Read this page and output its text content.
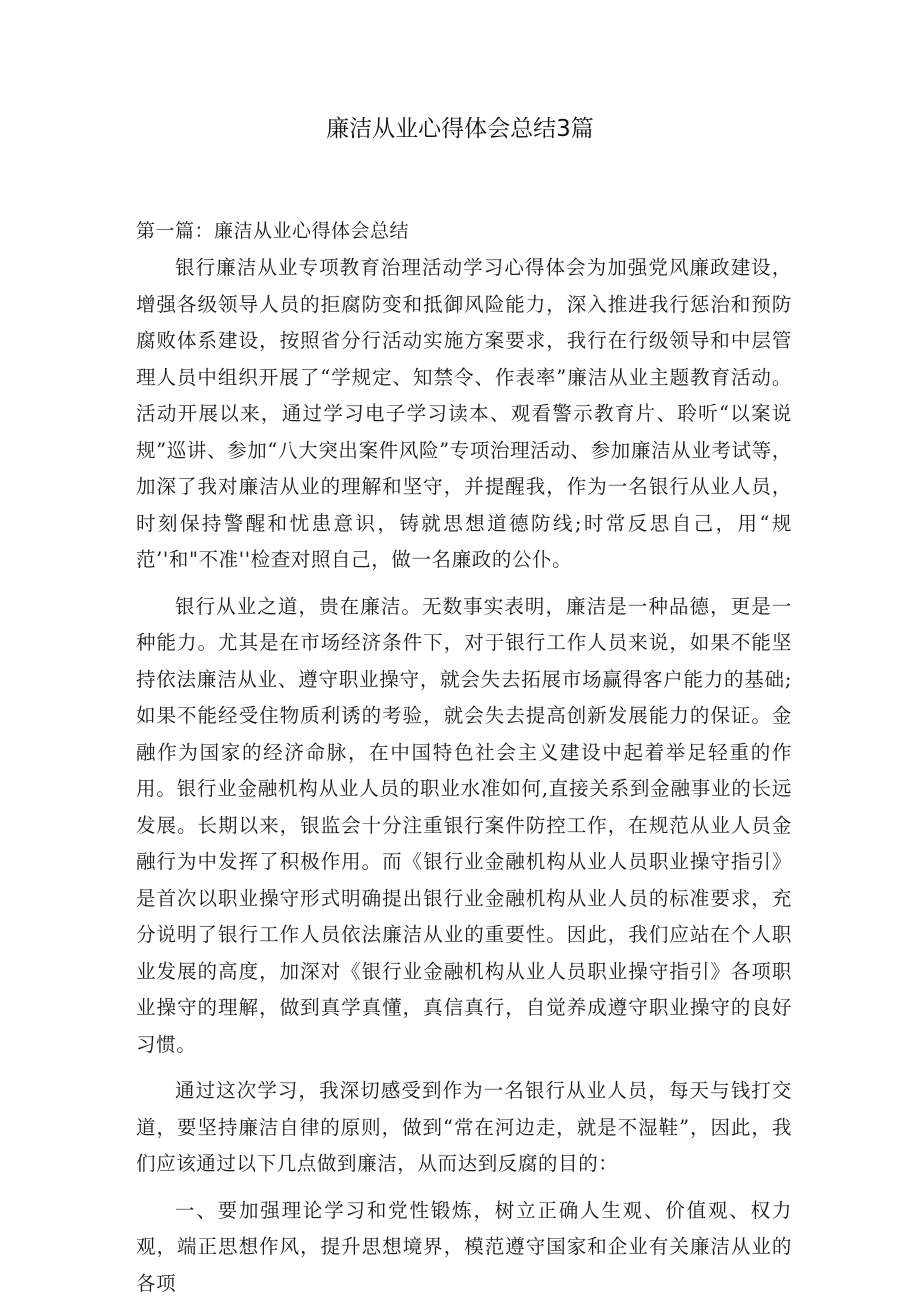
廉洁从业心得体会总结3篇
第一篇：廉洁从业心得体会总结

银行廉洁从业专项教育治理活动学习心得体会为加强党风廉政建设，增强各级领导人员的拒腐防变和抵御风险能力，深入推进我行惩治和预防腐败体系建设，按照省分行活动实施方案要求，我行在行级领导和中层管理人员中组织开展了“学规定、知禁令、作表率”廉洁从业主题教育活动。活动开展以来，通过学习电子学习读本、观看警示教育片、聆听“以案说规”巡讲、参加“八大突出案件风险”专项治理活动、参加廉洁从业考试等，加深了我对廉洁从业的理解和坚守，并提醒我，作为一名银行从业人员，时刻保持警醒和忧患意识，铸就思想道德防线;时常反思自己，用“规范’'和"不准''检查对照自己，做一名廉政的公仆。

银行从业之道，贵在廉洁。无数事实表明，廉洁是一种品德，更是一种能力。尤其是在市场经济条件下，对于银行工作人员来说，如果不能坚持依法廉洁从业、遵守职业操守，就会失去拓展市场赢得客户能力的基础;如果不能经受住物质利诱的考验，就会失去提高创新发展能力的保证。金融作为国家的经济命脉，在中国特色社会主义建设中起着举足轻重的作用。银行业金融机构从业人员的职业水准如何,直接关系到金融事业的长远发展。长期以来，银监会十分注重银行案件防控工作，在规范从业人员金融行为中发挥了积极作用。而《银行业金融机构从业人员职业操守指引》是首次以职业操守形式明确提出银行业金融机构从业人员的标准要求，充分说明了银行工作人员依法廉洁从业的重要性。因此，我们应站在个人职业发展的高度，加深对《银行业金融机构从业人员职业操守指引》各项职业操守的理解，做到真学真懂，真信真行，自觉养成遵守职业操守的良好习惯。

通过这次学习，我深切感受到作为一名银行从业人员，每天与钱打交道，要坚持廉洁自律的原则，做到“常在河边走，就是不湿鞋”，因此，我们应该通过以下几点做到廉洁，从而达到反腐的目的：

一、要加强理论学习和党性锻炼，树立正确人生观、价值观、权力观，端正思想作风，提升思想境界，模范遵守国家和企业有关廉洁从业的各项
